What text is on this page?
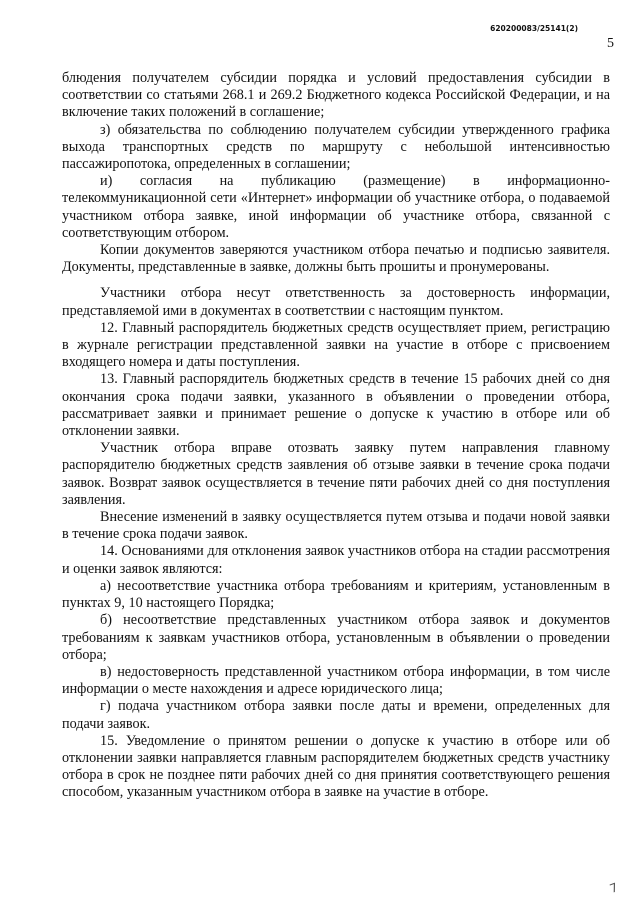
620200083/25141(2)
5

блюдения получателем субсидии порядка и условий предоставления субсидии в соответствии со статьями 268.1 и 269.2 Бюджетного кодекса Российской Федерации, и на включение таких положений в соглашение;

з) обязательства по соблюдению получателем субсидии утвержденного графика выхода транспортных средств по маршруту с небольшой интенсивностью пассажиропотока, определенных в соглашении;

и) согласия на публикацию (размещение) в информационно-телекоммуникационной сети «Интернет» информации об участнике отбора, о подаваемой участником отбора заявке, иной информации об участнике отбора, связанной с соответствующим отбором.

Копии документов заверяются участником отбора печатью и подписью заявителя. Документы, представленные в заявке, должны быть прошиты и пронумерованы.

Участники отбора несут ответственность за достоверность информации, представляемой ими в документах в соответствии с настоящим пунктом.

12. Главный распорядитель бюджетных средств осуществляет прием, регистрацию в журнале регистрации представленной заявки на участие в отборе с присвоением входящего номера и даты поступления.

13. Главный распорядитель бюджетных средств в течение 15 рабочих дней со дня окончания срока подачи заявки, указанного в объявлении о проведении отбора, рассматривает заявки и принимает решение о допуске к участию в отборе или об отклонении заявки.

Участник отбора вправе отозвать заявку путем направления главному распорядителю бюджетных средств заявления об отзыве заявки в течение срока подачи заявок. Возврат заявок осуществляется в течение пяти рабочих дней со дня поступления заявления.

Внесение изменений в заявку осуществляется путем отзыва и подачи новой заявки в течение срока подачи заявок.

14. Основаниями для отклонения заявок участников отбора на стадии рассмотрения и оценки заявок являются:

а) несоответствие участника отбора требованиям и критериям, установленным в пунктах 9, 10 настоящего Порядка;

б) несоответствие представленных участником отбора заявок и документов требованиям к заявкам участников отбора, установленным в объявлении о проведении отбора;

в) недостоверность представленной участником отбора информации, в том числе информации о месте нахождения и адресе юридического лица;

г) подача участником отбора заявки после даты и времени, определенных для подачи заявок.

15. Уведомление о принятом решении о допуске к участию в отборе или об отклонении заявки направляется главным распорядителем бюджетных средств участнику отбора в срок не позднее пяти рабочих дней со дня принятия соответствующего решения способом, указанным участником отбора в заявке на участие в отборе.

7
